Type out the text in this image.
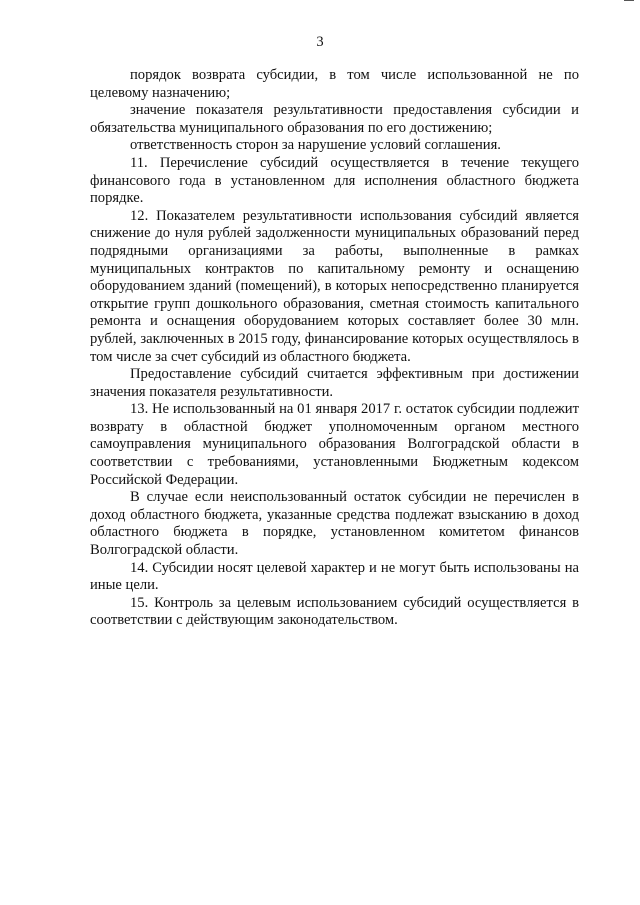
3

порядок возврата субсидии, в том числе использованной не по целевому назначению;

значение показателя результативности предоставления субсидии и обязательства муниципального образования по его достижению;

ответственность сторон за нарушение условий соглашения.

11. Перечисление субсидий осуществляется в течение текущего финансового года в установленном для исполнения областного бюджета порядке.

12. Показателем результативности использования субсидий является снижение до нуля рублей задолженности муниципальных образований перед подрядными организациями за работы, выполненные в рамках муниципальных контрактов по капитальному ремонту и оснащению оборудованием зданий (помещений), в которых непосредственно планируется открытие групп дошкольного образования, сметная стоимость капитального ремонта и оснащения оборудованием которых составляет более 30 млн. рублей, заключенных в 2015 году, финансирование которых осуществлялось в том числе за счет субсидий из областного бюджета.

Предоставление субсидий считается эффективным при достижении значения показателя результативности.

13. Не использованный на 01 января 2017 г. остаток субсидии подлежит возврату в областной бюджет уполномоченным органом местного самоуправления муниципального образования Волгоградской области в соответствии с требованиями, установленными Бюджетным кодексом Российской Федерации.

В случае если неиспользованный остаток субсидии не перечислен в доход областного бюджета, указанные средства подлежат взысканию в доход областного бюджета в порядке, установленном комитетом финансов Волгоградской области.

14. Субсидии носят целевой характер и не могут быть использованы на иные цели.

15. Контроль за целевым использованием субсидий осуществляется в соответствии с действующим законодательством.
